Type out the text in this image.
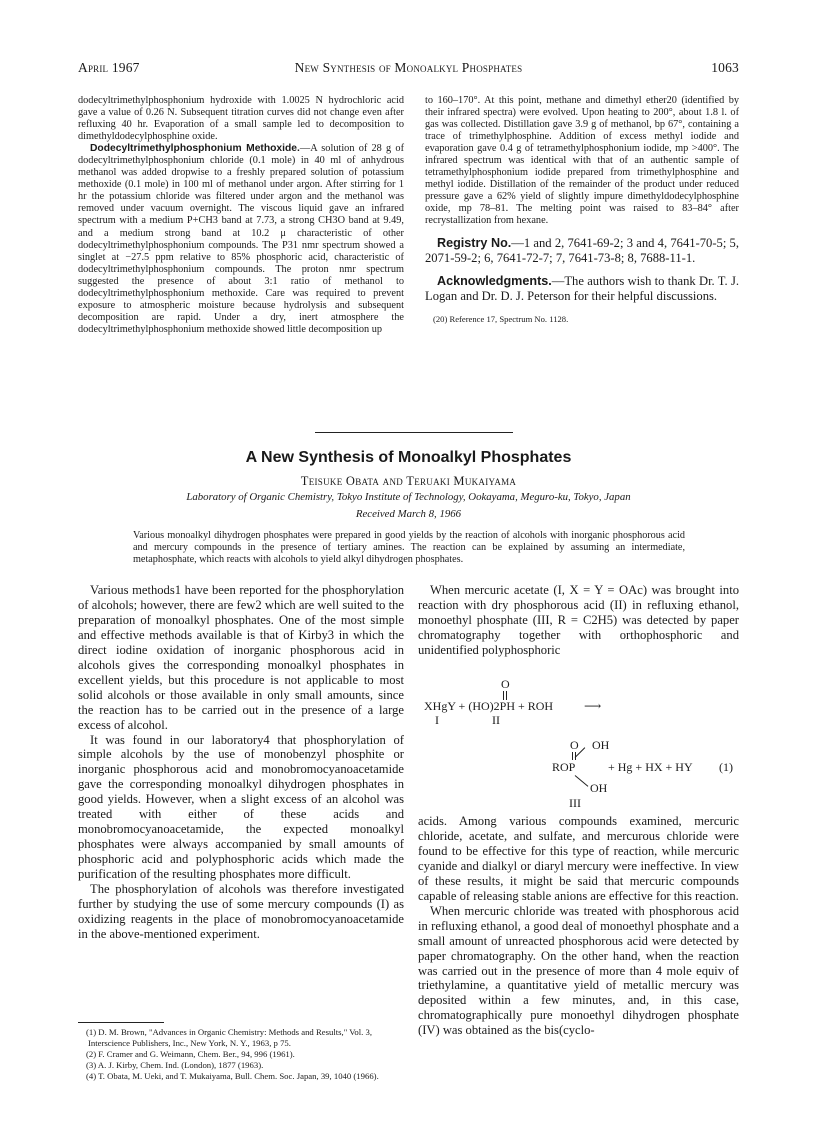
April 1967	New Synthesis of Monoalkyl Phosphates	1063

dodecyltrimethylphosphonium hydroxide with 1.0025 N hydrochloric acid gave a value of 0.26 N. Subsequent titration curves did not change even after refluxing 40 hr. Evaporation of a small sample led to decomposition to dimethyldodecylphosphine oxide.

Dodecyltrimethylphosphonium Methoxide.—A solution of 28 g of dodecyltrimethylphosphonium chloride (0.1 mole) in 40 ml of anhydrous methanol was added dropwise to a freshly prepared solution of potassium methoxide (0.1 mole) in 100 ml of methanol under argon. After stirring for 1 hr the potassium chloride was filtered under argon and the methanol was removed under vacuum overnight. The viscous liquid gave an infrared spectrum with a medium P+CH3 band at 7.73, a strong CH3O band at 9.49, and a medium strong band at 10.2 μ characteristic of other dodecyltrimethylphosphonium compounds. The P31 nmr spectrum showed a singlet at −27.5 ppm relative to 85% phosphoric acid, characteristic of dodecyltrimethylphosphonium compounds. The proton nmr spectrum suggested the presence of about 3:1 ratio of methanol to dodecyltrimethylphosphonium methoxide. Care was required to prevent exposure to atmospheric moisture because hydrolysis and subsequent decomposition are rapid. Under a dry, inert atmosphere the dodecyltrimethylphosphonium methoxide showed little decomposition up

to 160–170°. At this point, methane and dimethyl ether20 (identified by their infrared spectra) were evolved. Upon heating to 200°, about 1.8 l. of gas was collected. Distillation gave 3.9 g of methanol, bp 67°, containing a trace of trimethylphosphine. Addition of excess methyl iodide and evaporation gave 0.4 g of tetramethylphosphonium iodide, mp >400°. The infrared spectrum was identical with that of an authentic sample of tetramethylphosphonium iodide prepared from trimethylphosphine and methyl iodide. Distillation of the remainder of the product under reduced pressure gave a 62% yield of slightly impure dimethyldodecylphosphine oxide, mp 78–81. The melting point was raised to 83–84° after recrystallization from hexane.

Registry No.—1 and 2, 7641-69-2; 3 and 4, 7641-70-5; 5, 2071-59-2; 6, 7641-72-7; 7, 7641-73-8; 8, 7688-11-1.

Acknowledgments.—The authors wish to thank Dr. T. J. Logan and Dr. D. J. Peterson for their helpful discussions.

(20) Reference 17, Spectrum No. 1128.

A New Synthesis of Monoalkyl Phosphates
Teisuke Obata and Teruaki Mukaiyama
Laboratory of Organic Chemistry, Tokyo Institute of Technology, Ookayama, Meguro-ku, Tokyo, Japan
Received March 8, 1966
Various monoalkyl dihydrogen phosphates were prepared in good yields by the reaction of alcohols with inorganic phosphorous acid and mercury compounds in the presence of tertiary amines. The reaction can be explained by assuming an intermediate, metaphosphate, which reacts with alcohols to yield alkyl dihydrogen phosphates.

Various methods1 have been reported for the phosphorylation of alcohols; however, there are few2 which are well suited to the preparation of monoalkyl phosphates. One of the most simple and effective methods available is that of Kirby3 in which the direct iodine oxidation of inorganic phosphorous acid in alcohols gives the corresponding monoalkyl phosphates in excellent yields, but this procedure is not applicable to most solid alcohols or those available in only small amounts, since the reaction has to be carried out in the presence of a large excess of alcohol.

It was found in our laboratory4 that phosphorylation of simple alcohols by the use of monobenzyl phosphite or inorganic phosphorous acid and monobromocyanoacetamide gave the corresponding monoalkyl dihydrogen phosphates in good yields. However, when a slight excess of an alcohol was treated with either of these acids and monobromocyanoacetamide, the expected monoalkyl phosphates were always accompanied by small amounts of phosphoric acid and polyphosphoric acids which made the purification of the resulting phosphates more difficult.

The phosphorylation of alcohols was therefore investigated further by studying the use of some mercury compounds (I) as oxidizing reagents in the place of monobromocyanoacetamide in the above-mentioned experiment.

When mercuric acetate (I, X = Y = OAc) was brought into reaction with dry phosphorous acid (II) in refluxing ethanol, monoethyl phosphate (III, R = C2H5) was detected by paper chromatography together with orthophosphoric and unidentified polyphosphoric

O
XHgY + (HO)2PH + ROH	⟶
I	II
O OH
ROP	+ Hg + HX + HY (1)
OH
III

acids. Among various compounds examined, mercuric chloride, acetate, and sulfate, and mercurous chloride were found to be effective for this type of reaction, while mercuric cyanide and dialkyl or diaryl mercury were ineffective. In view of these results, it might be said that mercuric compounds capable of releasing stable anions are effective for this reaction.

When mercuric chloride was treated with phosphorous acid in refluxing ethanol, a good deal of monoethyl phosphate and a small amount of unreacted phosphorous acid were detected by paper chromatography. On the other hand, when the reaction was carried out in the presence of more than 4 mole equiv of triethylamine, a quantitative yield of metallic mercury was deposited within a few minutes, and, in this case, chromatographically pure monoethyl dihydrogen phosphate (IV) was obtained as the bis(cyclo-

(1) D. M. Brown, "Advances in Organic Chemistry: Methods and Results," Vol. 3, Interscience Publishers, Inc., New York, N. Y., 1963, p 75.

(2) F. Cramer and G. Weimann, Chem. Ber., 94, 996 (1961).

(3) A. J. Kirby, Chem. Ind. (London), 1877 (1963).

(4) T. Obata, M. Ueki, and T. Mukaiyama, Bull. Chem. Soc. Japan, 39, 1040 (1966).
